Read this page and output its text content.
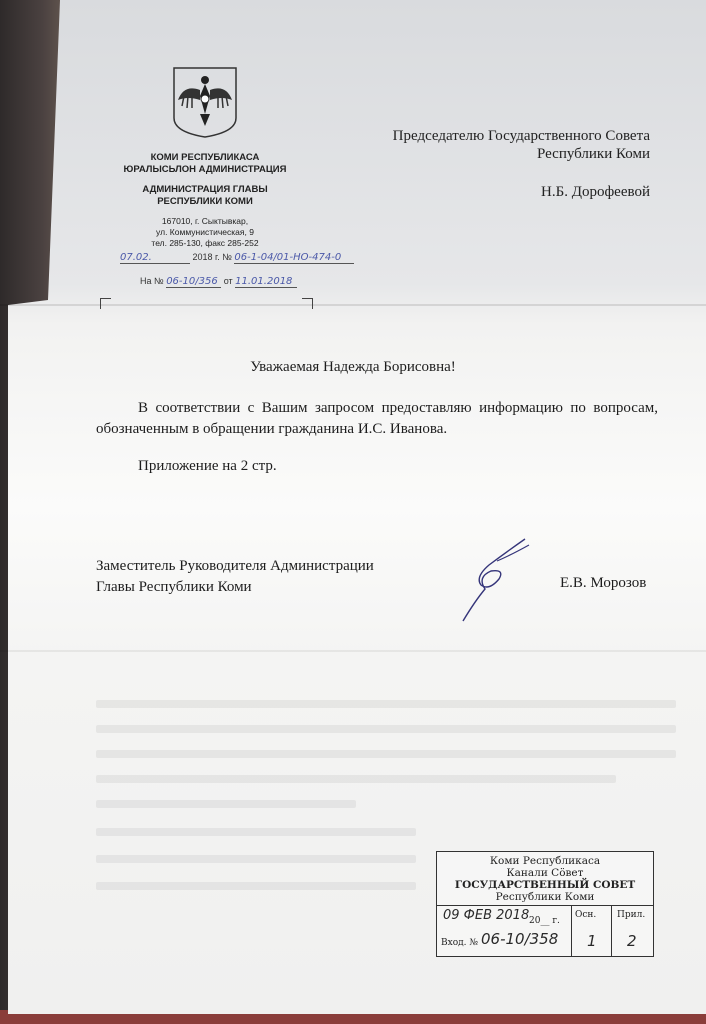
КОМИ РЕСПУБЛИКАСА
ЮРАЛЫСЬЛОН АДМИНИСТРАЦИЯ
АДМИНИСТРАЦИЯ ГЛАВЫ
РЕСПУБЛИКИ КОМИ
167010, г. Сыктывкар,
ул. Коммунистическая, 9
тел. 285-130, факс 285-252
07.02.	2018 г. № 06-1-04/01-НО-474-0
На № 06-10/356 от 11.01.2018
Председателю Государственного Совета
Республики Коми
Н.Б. Дорофеевой
Уважаемая Надежда Борисовна!
В соответствии с Вашим запросом предоставляю информацию по вопросам, обозначенным в обращении гражданина И.С. Иванова.
Приложение на 2 стр.
Заместитель Руководителя Администрации
Главы Республики Коми	Е.В. Морозов
Коми Республикаса
Канали Сӧвет
ГОСУДАРСТВЕННЫЙ СОВЕТ
Республики Коми
09 ФЕВ 2018 20__ г.
Осн. Прил.
Вход. № 06-10/358 1 2
